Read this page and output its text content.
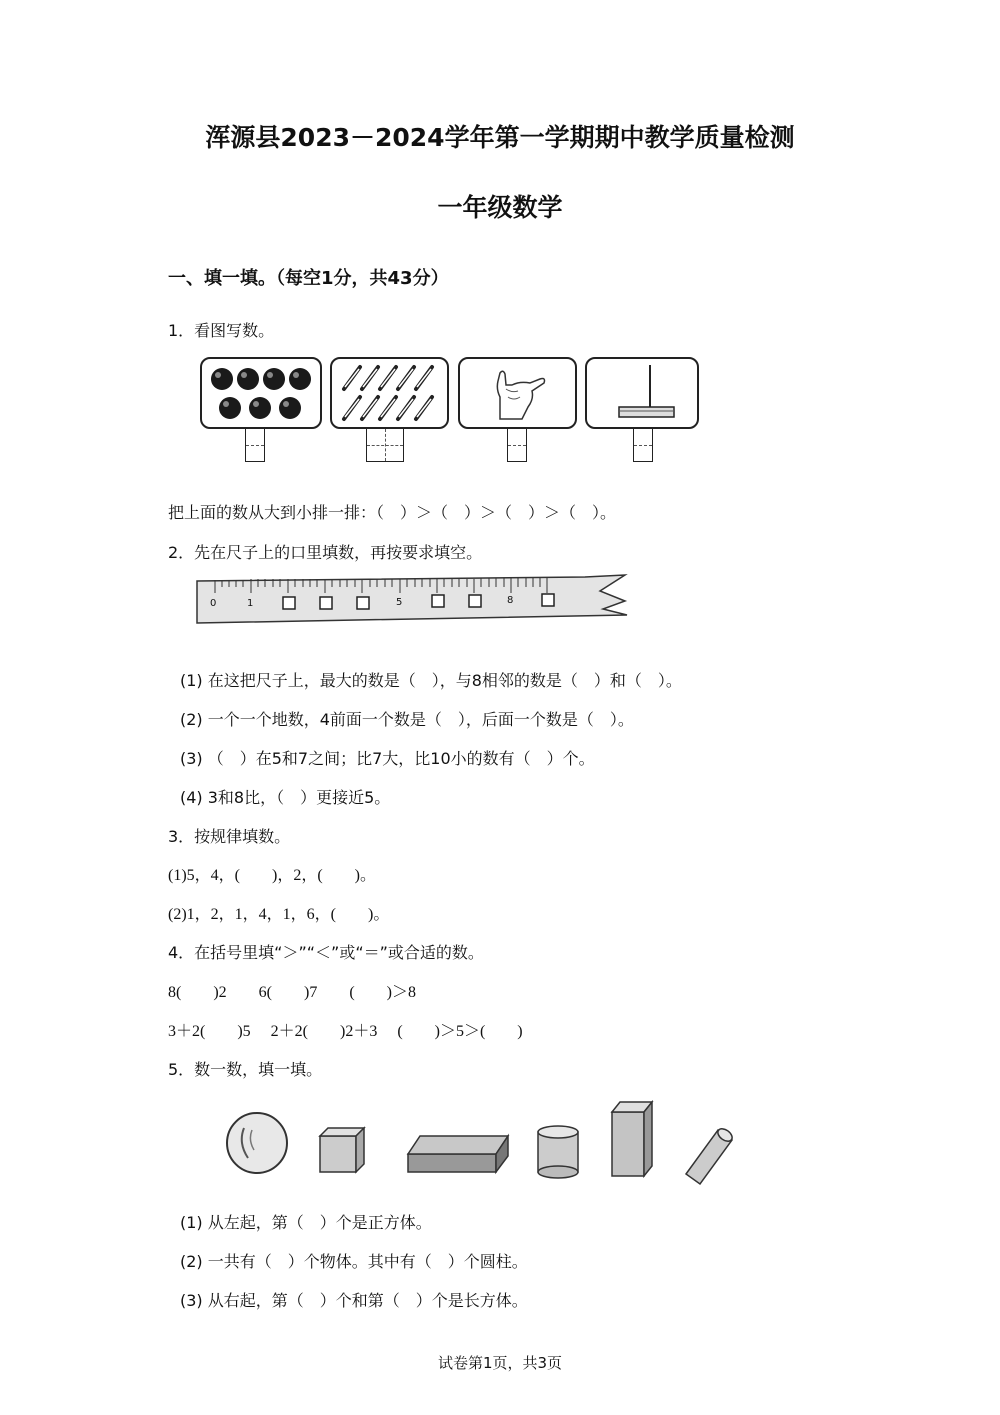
浑源县2023－2024学年第一学期期中教学质量检测
一年级数学
一、填一填。（每空1分，共43分）
1．看图写数。
把上面的数从大到小排一排：（　）＞（　）＞（　）＞（　）。
2．先在尺子上的口里填数，再按要求填空。
0	1	5	8
(1) 在这把尺子上，最大的数是（　），与8相邻的数是（　）和（　）。
(2) 一个一个地数，4前面一个数是（　），后面一个数是（　）。
(3) （　）在5和7之间；比7大，比10小的数有（　）个。
(4) 3和8比，（　）更接近5。
3．按规律填数。
(1)5，4，(　　)，2，(　　)。
(2)1，2，1，4，1，6，(　　)。
4．在括号里填“＞”“＜”或“＝”或合适的数。
8(　　)2　　6(　　)7　　(　　)＞8
3＋2(　　)5　 2＋2(　　)2＋3　 (　　)＞5＞(　　)
5．数一数，填一填。
(1) 从左起，第（　）个是正方体。
(2) 一共有（　）个物体。其中有（　）个圆柱。
(3) 从右起，第（　）个和第（　）个是长方体。
试卷第1页，共3页
